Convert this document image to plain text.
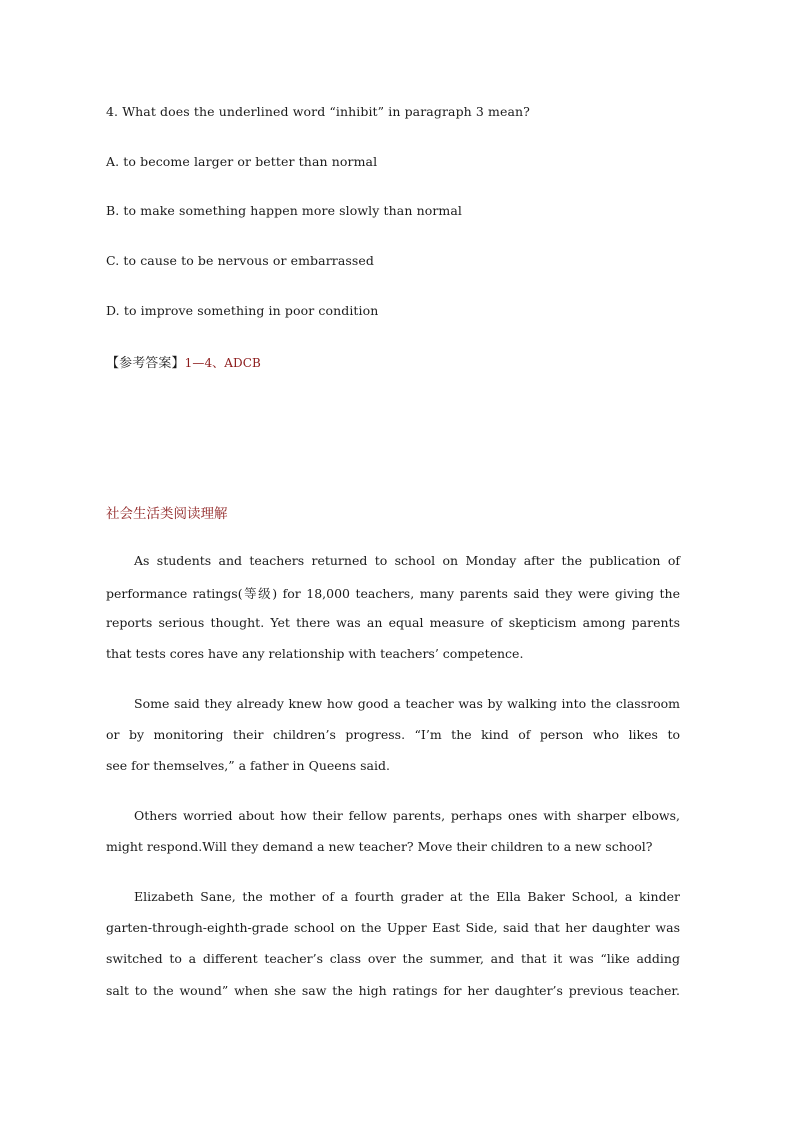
4. What does the underlined word “inhibit” in paragraph 3 mean?
A. to become larger or better than normal
B. to make something happen more slowly than normal
C. to cause to be nervous or embarrassed
D. to improve something in poor condition
【参考答案】1—4、ADCB
社会生活类阅读理解
As students and teachers returned to school on Monday after the publication of
performance ratings(等级) for 18,000 teachers, many parents said they were giving the
reports serious thought. Yet there was an equal measure of skepticism among parents
that tests cores have any relationship with teachers’ competence.
Some said they already knew how good a teacher was by walking into the classroom
or by monitoring their children’s progress. “I’m the kind of person who likes to
see for themselves,” a father in Queens said.
Others worried about how their fellow parents, perhaps ones with sharper elbows,
might respond.Will they demand a new teacher? Move their children to a new school?
Elizabeth Sane, the mother of a fourth grader at the Ella Baker School, a kinder
garten-through-eighth-grade school on the Upper East Side, said that her daughter was
switched to a different teacher’s class over the summer, and that it was “like adding
salt to the wound” when she saw the high ratings for her daughter’s previous teacher.
